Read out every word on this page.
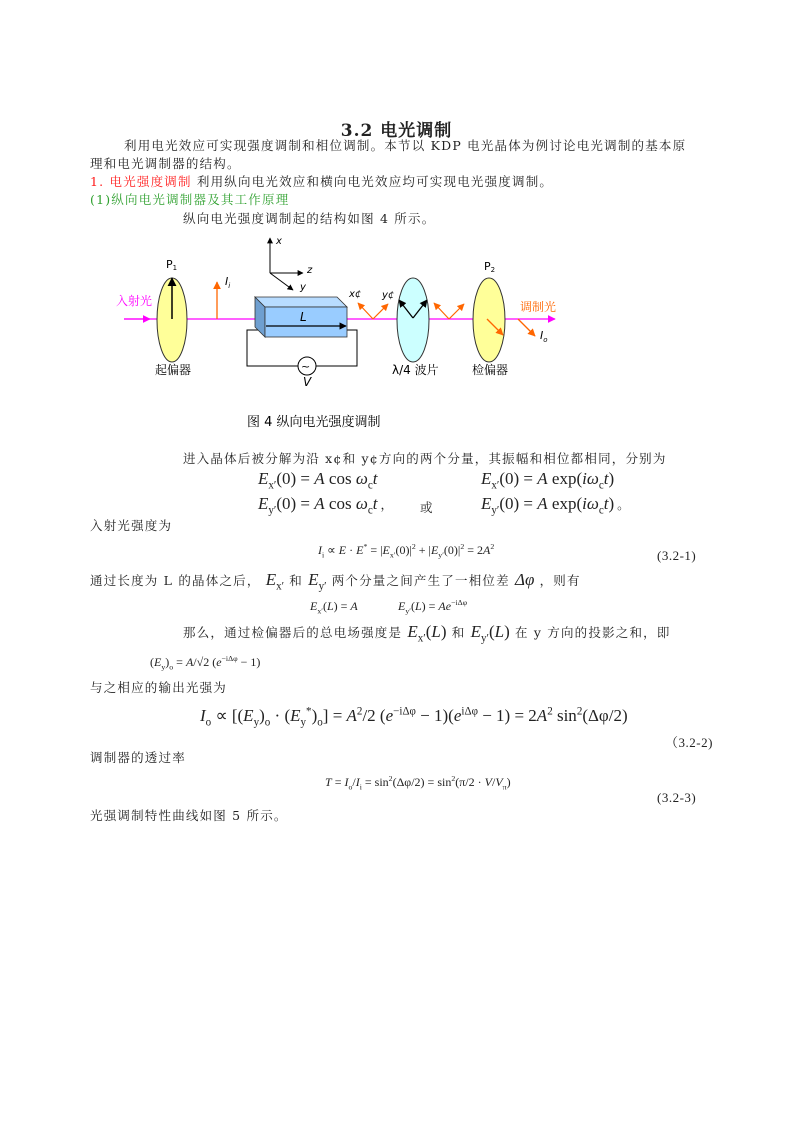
3.2 电光调制
利用电光效应可实现强度调制和相位调制。本节以 KDP 电光晶体为例讨论电光调制的基本原
理和电光调制器的结构。
1. 电光强度调制 利用纵向电光效应和横向电光效应均可实现电光强度调制。
(1)纵向电光调制器及其工作原理
纵向电光强度调制起的结构如图 4 所示。
~
V
P1
入射光
起偏器
$I_i$
L
x
z
y
x¢ y¢
λ/4 波片
P2
检偏器
调制光
$I_o$
图 4 纵向电光强度调制
进入晶体后被分解为沿 x¢和 y¢方向的两个分量，其振幅和相位都相同，分别为
$E_{x'}(0) = A$ $\cos \omega_ct$	$E_{x'}(0) = A$ $\exp(i\omega_ct)$
$E_{y'}(0) = A$ $\cos \omega_ct$ ， 或	$E_{y'}(0) = A$ $\exp(i\omega_ct)$ 。
入射光强度为
$I_i \propto E \cdot E^* = |E_{x'}(0)|^2 + |E_{y'}(0)|^2 = 2A^2$
(3.2-1)
通过长度为 L 的晶体之后， $E_{x'}$ 和 $E_{y'}$ 两个分量之间产生了一相位差 Δφ ，则有
$E_{x'}(L) = A$	$E_{y'}(L) = Ae^{-i\Delta\varphi}$
那么，通过检偏器后的总电场强度是 $E_{x'}(L)$ 和 $E_{y'}(L)$ 在 y 方向的投影之和，即
$(E_y)_o = A/√2$ $(e^{-i\Delta\varphi} - 1)$
与之相应的输出光强为
$I_o \propto [(E_y)_o \cdot (E_y^*)_o] = A^2/2$ $(e^{-i\Delta\varphi} - 1)(e^{i\Delta\varphi} - 1) = 2A^2$ $\sin^2(\Delta\varphi/2)$
（3.2-2)
调制器的透过率
$T = I_o/I_i = \sin^2(\Delta\varphi/2) = \sin^2(\pi/2 \cdot V/V_\pi)$
(3.2-3)
光强调制特性曲线如图 5 所示。
